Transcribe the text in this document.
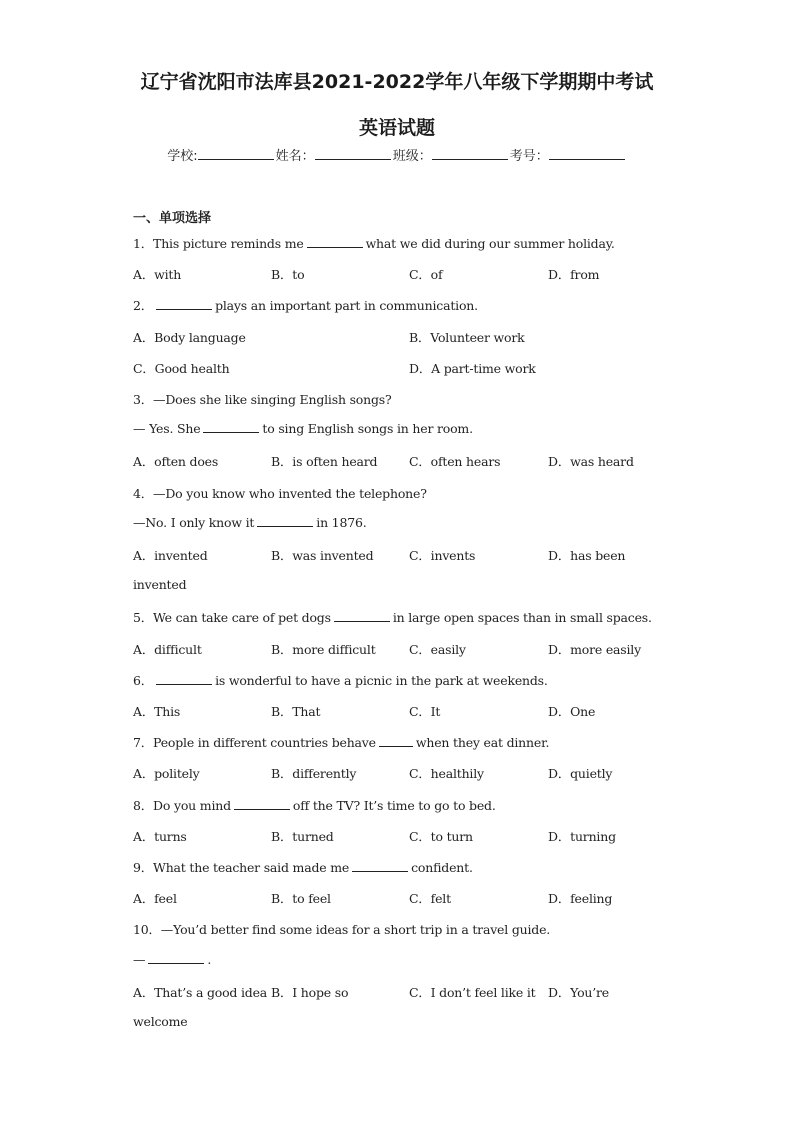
辽宁省沈阳市法库县2021-2022学年八年级下学期期中考试
英语试题
学校:	姓名：	班级：	考号：
一、单项选择
1．This picture reminds me	what we did during our summer holiday.
A．with	B．to	C．of	D．from
2．	plays an important part in communication.
A．Body language	B．Volunteer work
C．Good health	D．A part-time work
3．—Does she like singing English songs?
— Yes. She	to sing English songs in her room.
A．often does	B．is often heard	C．often hears	D．was heard
4．—Do you know who invented the telephone?
—No. I only know it	in 1876.
A．invented	B．was invented	C．invents	D．has been
invented
5．We can take care of pet dogs	in large open spaces than in small spaces.
A．difficult	B．more difficult	C．easily	D．more easily
6．	is wonderful to have a picnic in the park at weekends.
A．This	B．That	C．It	D．One
7．People in different countries behave	when they eat dinner.
A．politely	B．differently	C．healthily	D．quietly
8．Do you mind	off the TV? It’s time to go to bed.
A．turns	B．turned	C．to turn	D．turning
9．What the teacher said made me	confident.
A．feel	B．to feel	C．felt	D．feeling
10．—You’d better find some ideas for a short trip in a travel guide.
—	.
A．That’s a good idea B．I hope so	C．I don’t feel like it D．You’re
welcome
